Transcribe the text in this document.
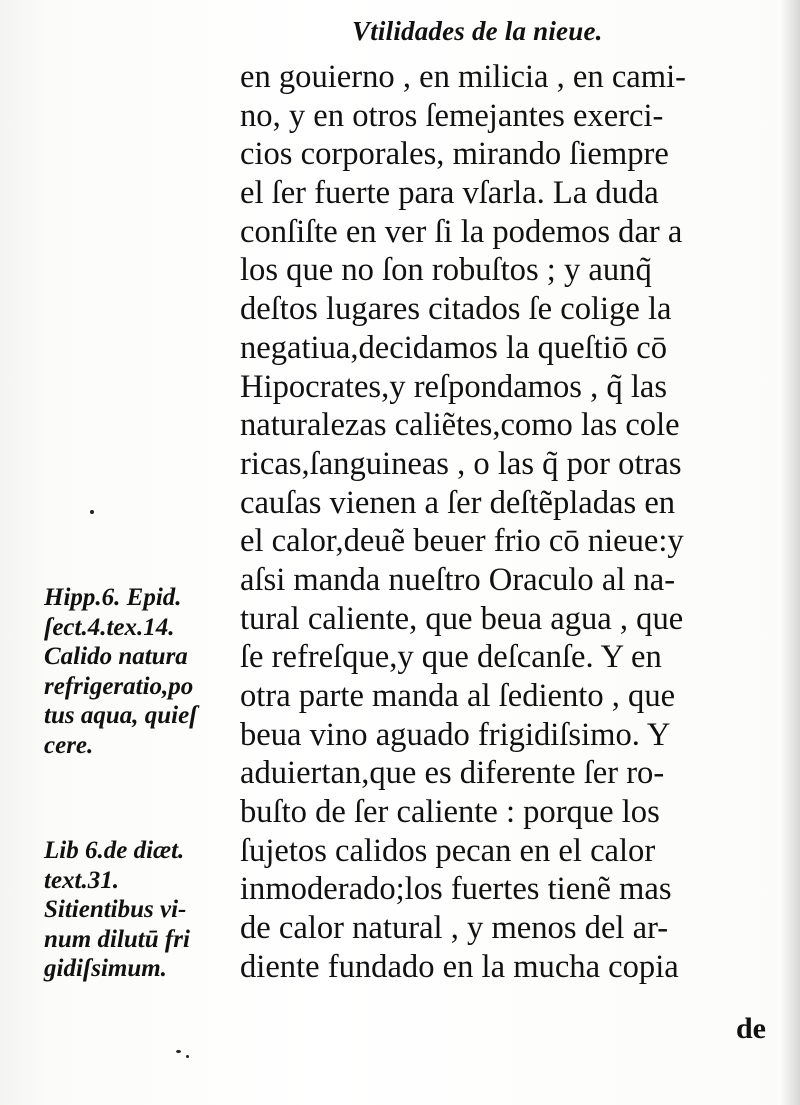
Vtilidades de la nieue.
en gouierno , en milicia , en cami-
no, y en otros ſemejantes exerci-
cios corporales, mirando ſiempre
el ſer fuerte para vſarla. La duda
conſiſte en ver ſi la podemos dar a
los que no ſon robuſtos ; y aunq̃
deſtos lugares citados ſe colige la
negatiua,decidamos la queſtiō cō
Hipocrates,y reſpondamos , q̃ las
naturalezas caliẽtes,como las cole
ricas,ſanguineas , o las q̃ por otras
cauſas vienen a ſer deſtẽpladas en
el calor,deuẽ beuer frio cō nieue:y
aſsi manda nueſtro Oraculo al na-
tural caliente, que beua agua , que
ſe refreſque,y que deſcanſe. Y en
otra parte manda al ſediento , que
beua vino aguado frigidiſsimo. Y
aduiertan,que es diferente ſer ro-
buſto de ſer caliente : porque los
ſujetos calidos pecan en el calor
inmoderado;los fuertes tienẽ mas
de calor natural , y menos del ar-
diente fundado en la mucha copia
Hipp.6. Epid.
ſect.4.tex.14.
Calido natura
refrigeratio,po
tus aqua, quieſ
cere.
Lib 6.de diæt.
text.31.
Sitientibus vi-
num dilutū fri
gidiſsimum.
de
